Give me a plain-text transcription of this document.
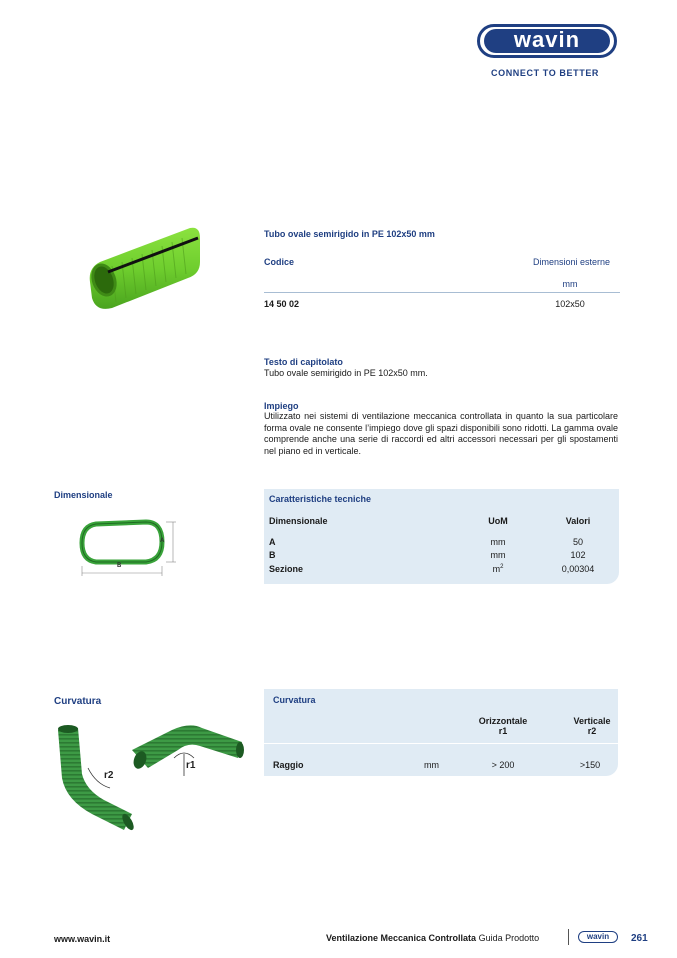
wavin
CONNECT TO BETTER
Tubo ovale semirigido in PE 102x50 mm
Codice	Dimensioni esterne
mm
14 50 02	102x50
Testo di capitolato
Tubo ovale semirigido in PE 102x50 mm.
Impiego
Utilizzato nei sistemi di ventilazione meccanica controllata in quanto la sua particolare forma ovale ne consente l’impiego dove gli spazi disponibili sono ridotti. La gamma ovale comprende anche una serie di raccordi ed altri accessori necessari per gli spostamenti nel piano ed in verticale.
Dimensionale
A
B
Caratteristiche tecniche
Dimensionale	UoM	Valori
A	mm	50
B	mm	102
Sezione	$m^2$	0,00304
Curvatura
r2
r1
Curvatura
Orizzontale
r1
Verticale
r2
Raggio	mm	> 200	>150
www.wavin.it	Ventilazione Meccanica Controllata Guida Prodotto	wavin 261
